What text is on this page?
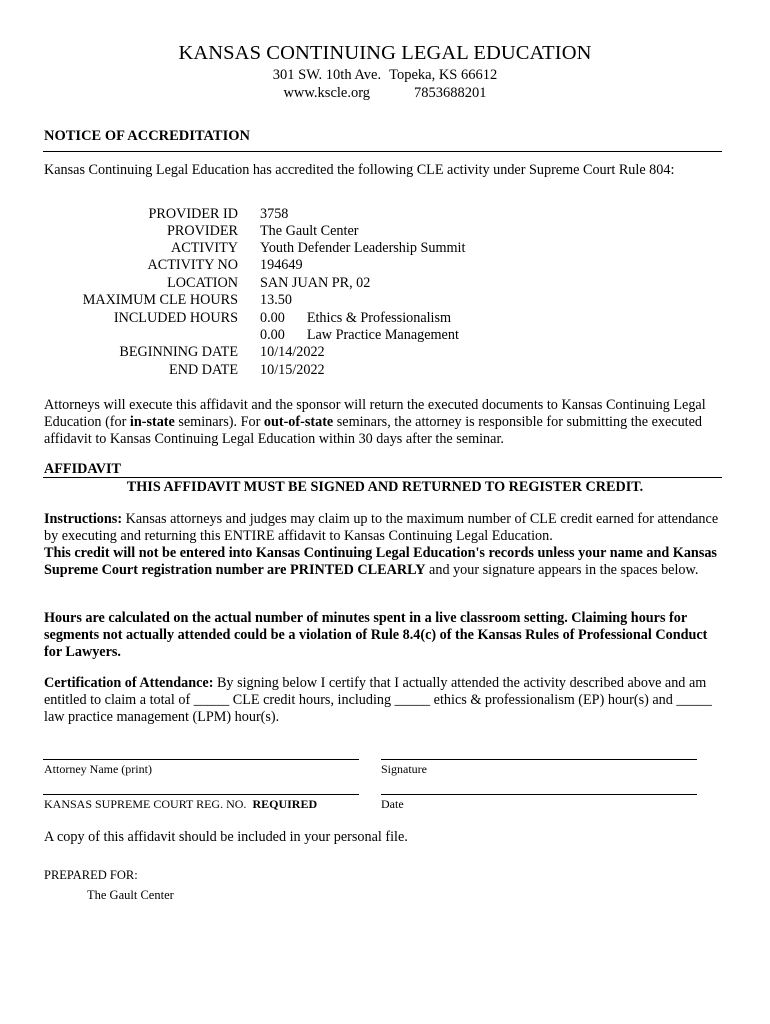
KANSAS CONTINUING LEGAL EDUCATION
301 SW. 10th Ave. Topeka, KS 66612
www.kscle.org	7853688201
NOTICE OF ACCREDITATION
Kansas Continuing Legal Education has accredited the following CLE activity under Supreme Court Rule 804:
PROVIDER ID 3758
PROVIDER The Gault Center
ACTIVITY Youth Defender Leadership Summit
ACTIVITY NO 194649
LOCATION SAN JUAN PR, 02
MAXIMUM CLE HOURS 13.50
INCLUDED HOURS 0.00 Ethics & Professionalism
0.00 Law Practice Management
BEGINNING DATE 10/14/2022
END DATE 10/15/2022
Attorneys will execute this affidavit and the sponsor will return the executed documents to Kansas Continuing Legal Education (for in-state seminars). For out-of-state seminars, the attorney is responsible for submitting the executed affidavit to Kansas Continuing Legal Education within 30 days after the seminar.
AFFIDAVIT
THIS AFFIDAVIT MUST BE SIGNED AND RETURNED TO REGISTER CREDIT.
Instructions: Kansas attorneys and judges may claim up to the maximum number of CLE credit earned for attendance by executing and returning this ENTIRE affidavit to Kansas Continuing Legal Education.
This credit will not be entered into Kansas Continuing Legal Education's records unless your name and Kansas Supreme Court registration number are PRINTED CLEARLY and your signature appears in the spaces below.
Hours are calculated on the actual number of minutes spent in a live classroom setting. Claiming hours for segments not actually attended could be a violation of Rule 8.4(c) of the Kansas Rules of Professional Conduct for Lawyers.
Certification of Attendance: By signing below I certify that I actually attended the activity described above and am entitled to claim a total of _____ CLE credit hours, including _____ ethics & professionalism (EP) hour(s) and _____ law practice management (LPM) hour(s).
Attorney Name (print)	Signature
KANSAS SUPREME COURT REG. NO. REQUIRED	Date
A copy of this affidavit should be included in your personal file.
PREPARED FOR:
The Gault Center
